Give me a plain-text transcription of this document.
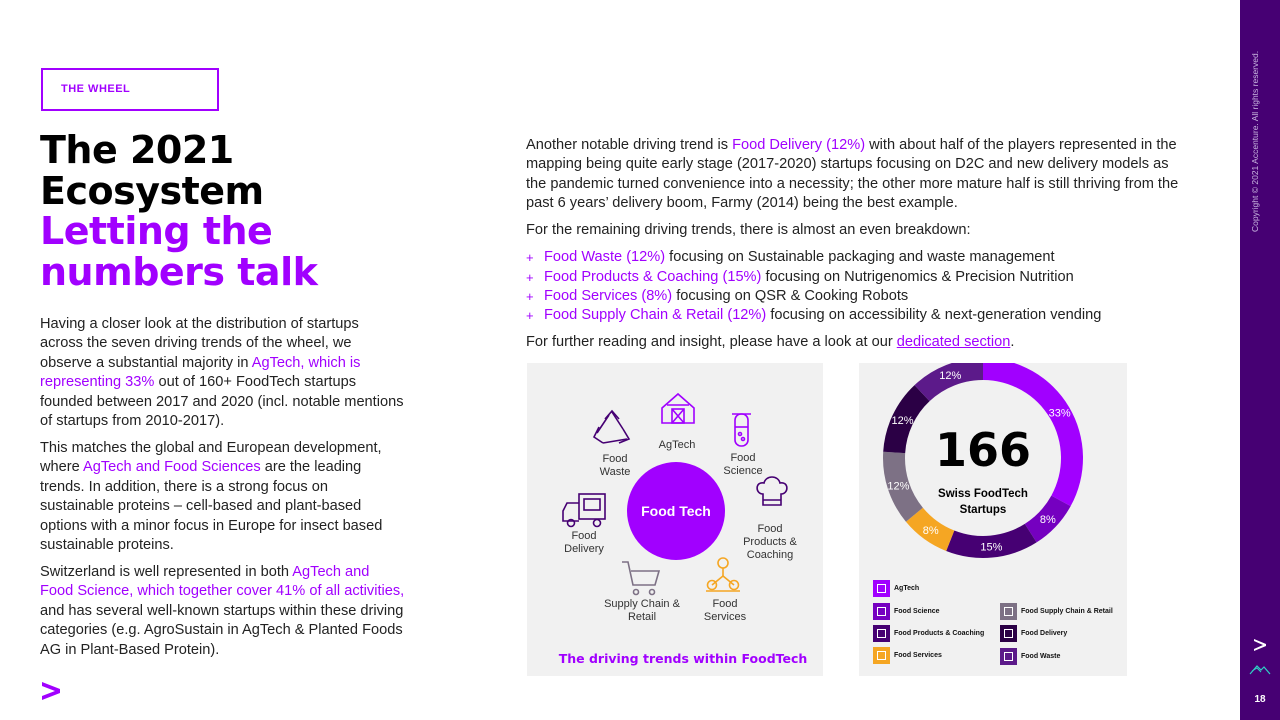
THE WHEEL
The 2021
Ecosystem
Letting the
numbers talk

Having a closer look at the distribution of startups across the seven driving trends of the wheel, we observe a substantial majority in AgTech, which is representing 33% out of 160+ FoodTech startups founded between 2017 and 2020 (incl. notable mentions of startups from 2010-2017).

This matches the global and European development, where AgTech and Food Sciences are the leading trends. In addition, there is a strong focus on sustainable proteins – cell-based and plant-based options with a minor focus in Europe for insect based sustainable proteins.

Switzerland is well represented in both AgTech and Food Science, which together cover 41% of all activities, and has several well-known startups within these driving categories (e.g. AgroSustain in AgTech & Planted Foods AG in Plant-Based Protein).

Another notable driving trend is Food Delivery (12%) with about half of the players represented in the mapping being quite early stage (2017-2020) startups focusing on D2C and new delivery models as the pandemic turned convenience into a necessity; the other more mature half is still thriving from the past 6 years’ delivery boom, Farmy (2014) being the best example.

For the remaining driving trends, there is almost an even breakdown:

+ Food Waste (12%) focusing on Sustainable packaging and waste management
+ Food Products & Coaching (15%) focusing on Nutrigenomics & Precision Nutrition
+ Food Services (8%) focusing on QSR & Cooking Robots
+ Food Supply Chain & Retail (12%) focusing on accessibility & next-generation vending

For further reading and insight, please have a look at our dedicated section.

Food Tech
The driving trends within FoodTech
AgTech
Food
Science
Food
Waste
Food
Products &
Coaching
Food
Delivery
Supply Chain &
Retail
Food
Services
33%
8%
15%
8%
12%
12%
12%
166
Swiss FoodTech
Startups
AgTech
Food Science	Food Supply Chain & Retail
Food Products & Coaching	Food Delivery
Food Services	Food Waste
Copyright © 2021 Accenture. All rights reserved.
18
